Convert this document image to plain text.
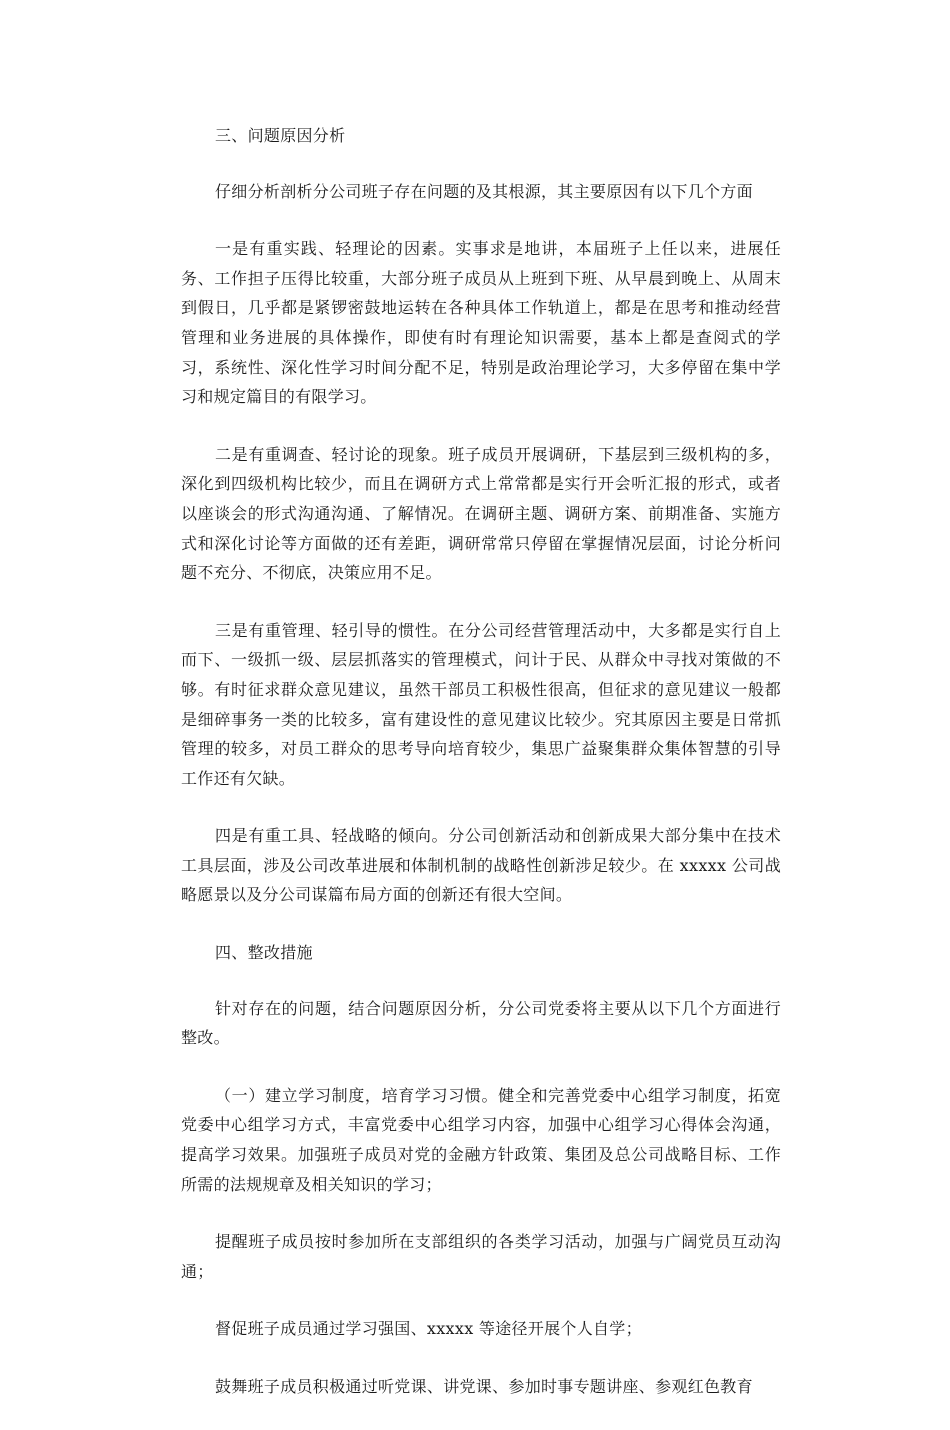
三、问题原因分析

仔细分析剖析分公司班子存在问题的及其根源，其主要原因有以下几个方面

一是有重实践、轻理论的因素。实事求是地讲，本届班子上任以来，进展任务、工作担子压得比较重，大部分班子成员从上班到下班、从早晨到晚上、从周末到假日，几乎都是紧锣密鼓地运转在各种具体工作轨道上，都是在思考和推动经营管理和业务进展的具体操作，即使有时有理论知识需要，基本上都是查阅式的学习，系统性、深化性学习时间分配不足，特别是政治理论学习，大多停留在集中学习和规定篇目的有限学习。

二是有重调查、轻讨论的现象。班子成员开展调研，下基层到三级机构的多，深化到四级机构比较少，而且在调研方式上常常都是实行开会听汇报的形式，或者以座谈会的形式沟通沟通、了解情况。在调研主题、调研方案、前期准备、实施方式和深化讨论等方面做的还有差距，调研常常只停留在掌握情况层面，讨论分析问题不充分、不彻底，决策应用不足。

三是有重管理、轻引导的惯性。在分公司经营管理活动中，大多都是实行自上而下、一级抓一级、层层抓落实的管理模式，问计于民、从群众中寻找对策做的不够。有时征求群众意见建议，虽然干部员工积极性很高，但征求的意见建议一般都是细碎事务一类的比较多，富有建设性的意见建议比较少。究其原因主要是日常抓管理的较多，对员工群众的思考导向培育较少，集思广益聚集群众集体智慧的引导工作还有欠缺。

四是有重工具、轻战略的倾向。分公司创新活动和创新成果大部分集中在技术工具层面，涉及公司改革进展和体制机制的战略性创新涉足较少。在 xxxxx 公司战略愿景以及分公司谋篇布局方面的创新还有很大空间。

四、整改措施

针对存在的问题，结合问题原因分析，分公司党委将主要从以下几个方面进行整改。

（一）建立学习制度，培育学习习惯。健全和完善党委中心组学习制度，拓宽党委中心组学习方式，丰富党委中心组学习内容，加强中心组学习心得体会沟通，提高学习效果。加强班子成员对党的金融方针政策、集团及总公司战略目标、工作所需的法规规章及相关知识的学习；

提醒班子成员按时参加所在支部组织的各类学习活动，加强与广阔党员互动沟通；

督促班子成员通过学习强国、xxxxx 等途径开展个人自学；

鼓舞班子成员积极通过听党课、讲党课、参加时事专题讲座、参观红色教育
